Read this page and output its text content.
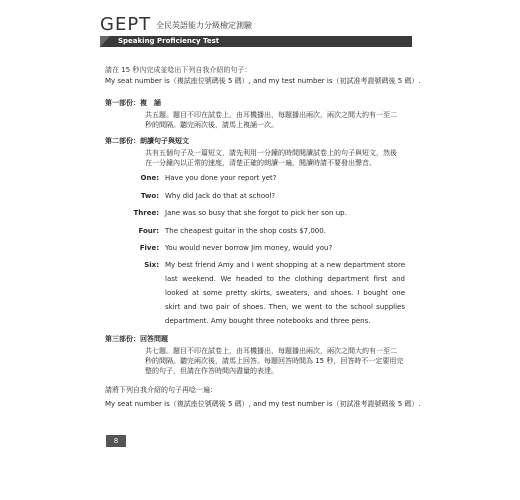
GEPT 全民英語能力分級檢定測驗
Speaking Proficiency Test
請在 15 秒內完成並唸出下列自我介紹的句子：
My seat number is（複試座位號碼後 5 碼）, and my test number is（初試准考證號碼後 5 碼）.
第一部份：複　誦
共五題。題目不印在試卷上，由耳機播出，每題播出兩次，兩次之間大約有一至二
秒的間隔。聽完兩次後，請馬上複誦一次。
第二部份：朗讀句子與短文
共有五個句子及一篇短文，請先利用一分鐘的時間閱讀試卷上的句子與短文，然後
在一分鐘內以正常的速度，清楚正確的朗讀一遍，閱讀時請不要發出聲音。
One: Have you done your report yet?
Two: Why did Jack do that at school?
Three: Jane was so busy that she forgot to pick her son up.
Four: The cheapest guitar in the shop costs $7,000.
Five: You would never borrow Jim money, would you?
Six: My best friend Amy and I went shopping at a new department store last weekend. We headed to the clothing department first and looked at some pretty skirts, sweaters, and shoes. I bought one skirt and two pair of shoes. Then, we went to the school supplies department. Amy bought three notebooks and three pens.
第三部份：回答問題
共七題。題目不印在試卷上，由耳機播出，每題播出兩次，兩次之間大約有一至二
秒的間隔。聽完兩次後，請馬上回答。每題回答時間為 15 秒，回答時不一定要用完
整的句子，但請在作答時間內盡量的表達。
請將下列自我介紹的句子再唸一遍：
My seat number is（複試座位號碼後 5 碼）, and my test number is（初試准考證號碼後 5 碼）.
8
